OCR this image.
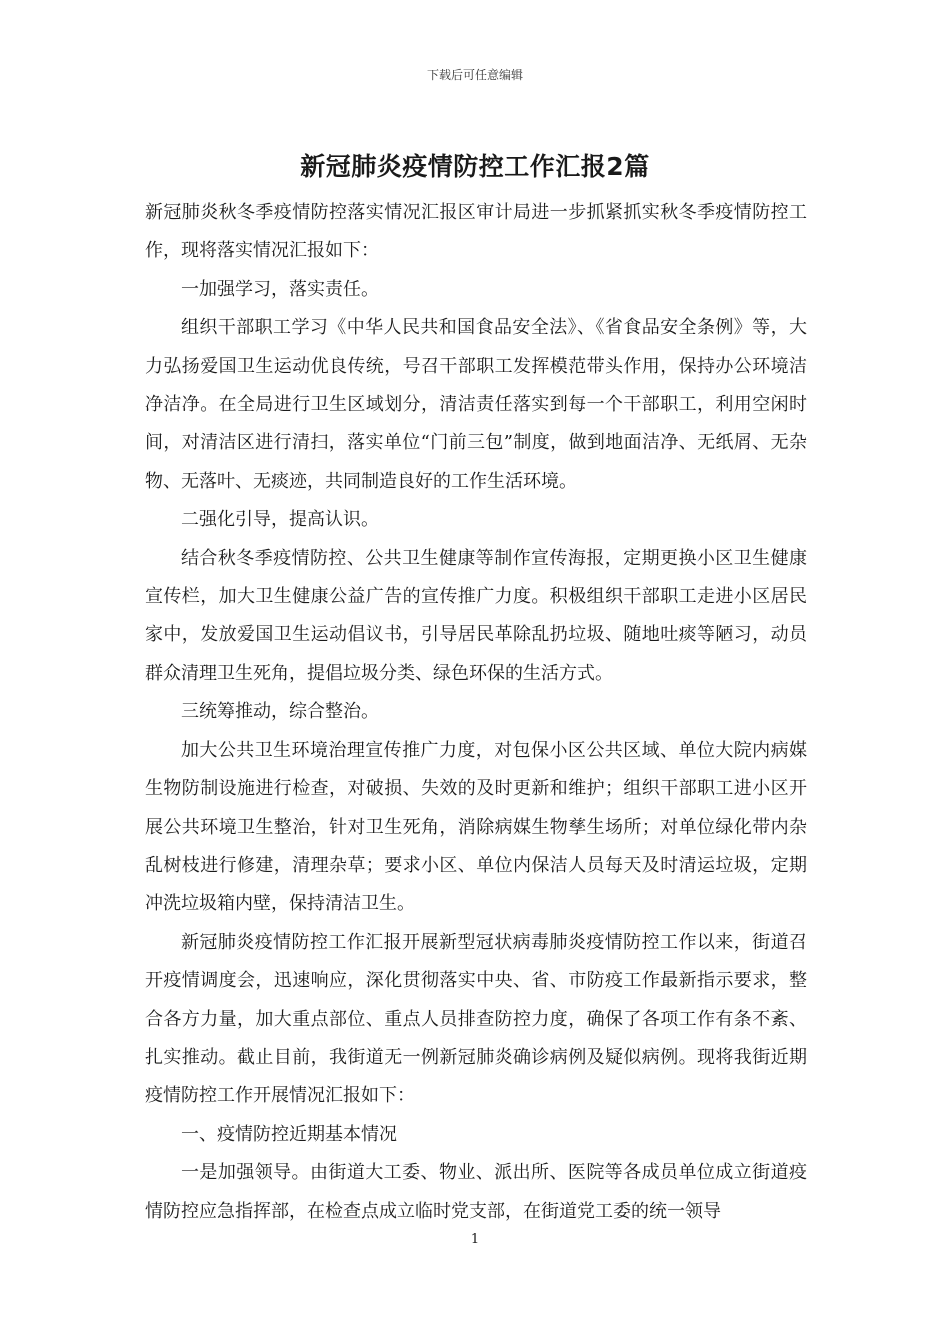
下载后可任意编辑
新冠肺炎疫情防控工作汇报2篇

新冠肺炎秋冬季疫情防控落实情况汇报区审计局进一步抓紧抓实秋冬季疫情防控工作，现将落实情况汇报如下：

一加强学习，落实责任。

组织干部职工学习《中华人民共和国食品安全法》、《省食品安全条例》等，大力弘扬爱国卫生运动优良传统，号召干部职工发挥模范带头作用，保持办公环境洁净洁净。在全局进行卫生区域划分，清洁责任落实到每一个干部职工，利用空闲时间，对清洁区进行清扫，落实单位“门前三包”制度，做到地面洁净、无纸屑、无杂物、无落叶、无痰迹，共同制造良好的工作生活环境。

二强化引导，提高认识。

结合秋冬季疫情防控、公共卫生健康等制作宣传海报，定期更换小区卫生健康宣传栏，加大卫生健康公益广告的宣传推广力度。积极组织干部职工走进小区居民家中，发放爱国卫生运动倡议书，引导居民革除乱扔垃圾、随地吐痰等陋习，动员群众清理卫生死角，提倡垃圾分类、绿色环保的生活方式。

三统筹推动，综合整治。

加大公共卫生环境治理宣传推广力度，对包保小区公共区域、单位大院内病媒生物防制设施进行检查，对破损、失效的及时更新和维护；组织干部职工进小区开展公共环境卫生整治，针对卫生死角，消除病媒生物孳生场所；对单位绿化带内杂乱树枝进行修建，清理杂草；要求小区、单位内保洁人员每天及时清运垃圾，定期冲洗垃圾箱内壁，保持清洁卫生。

新冠肺炎疫情防控工作汇报开展新型冠状病毒肺炎疫情防控工作以来，街道召开疫情调度会，迅速响应，深化贯彻落实中央、省、市防疫工作最新指示要求，整合各方力量，加大重点部位、重点人员排查防控力度，确保了各项工作有条不紊、扎实推动。截止目前，我街道无一例新冠肺炎确诊病例及疑似病例。现将我街近期疫情防控工作开展情况汇报如下：

一、疫情防控近期基本情况

一是加强领导。由街道大工委、物业、派出所、医院等各成员单位成立街道疫情防控应急指挥部，在检查点成立临时党支部，在街道党工委的统一领导

1
